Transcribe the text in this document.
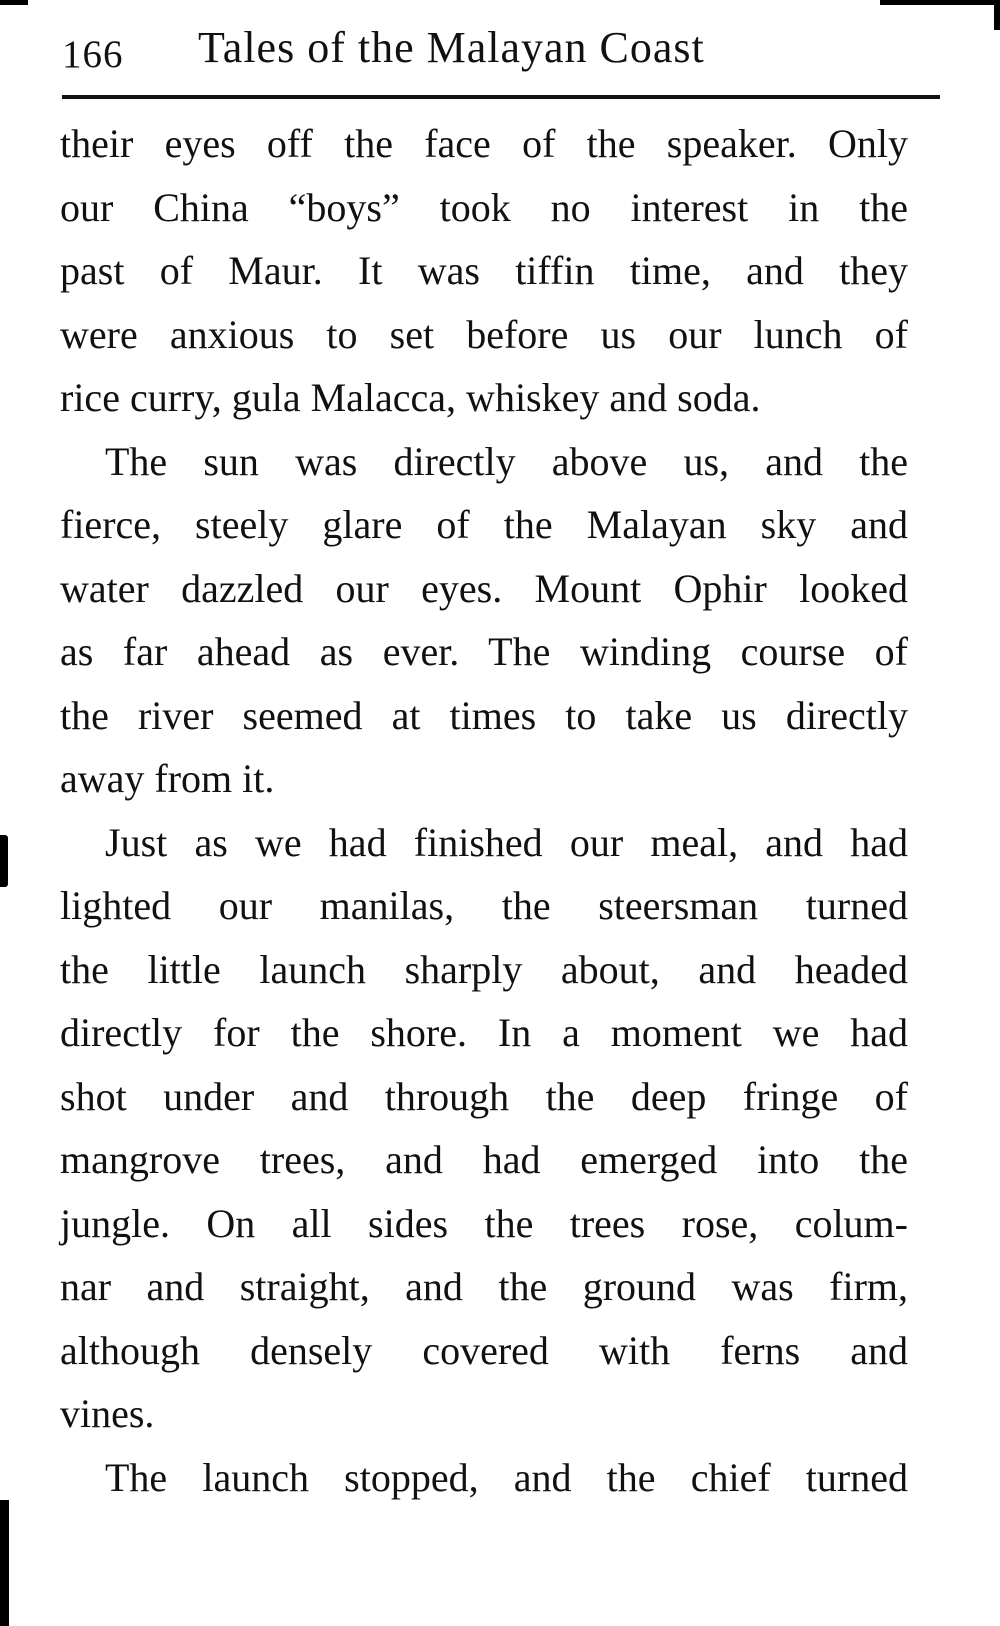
166 Tales of the Malayan Coast
their eyes off the face of the speaker. Only
our China “boys” took no interest in the
past of Maur. It was tiffin time, and they
were anxious to set before us our lunch of
rice curry, gula Malacca, whiskey and soda.
The sun was directly above us, and the
fierce, steely glare of the Malayan sky and
water dazzled our eyes. Mount Ophir looked
as far ahead as ever. The winding course of
the river seemed at times to take us directly
away from it.
Just as we had finished our meal, and had
lighted our manilas, the steersman turned
the little launch sharply about, and headed
directly for the shore. In a moment we had
shot under and through the deep fringe of
mangrove trees, and had emerged into the
jungle. On all sides the trees rose, colum-
nar and straight, and the ground was firm,
although densely covered with ferns and
vines.
The launch stopped, and the chief turned
